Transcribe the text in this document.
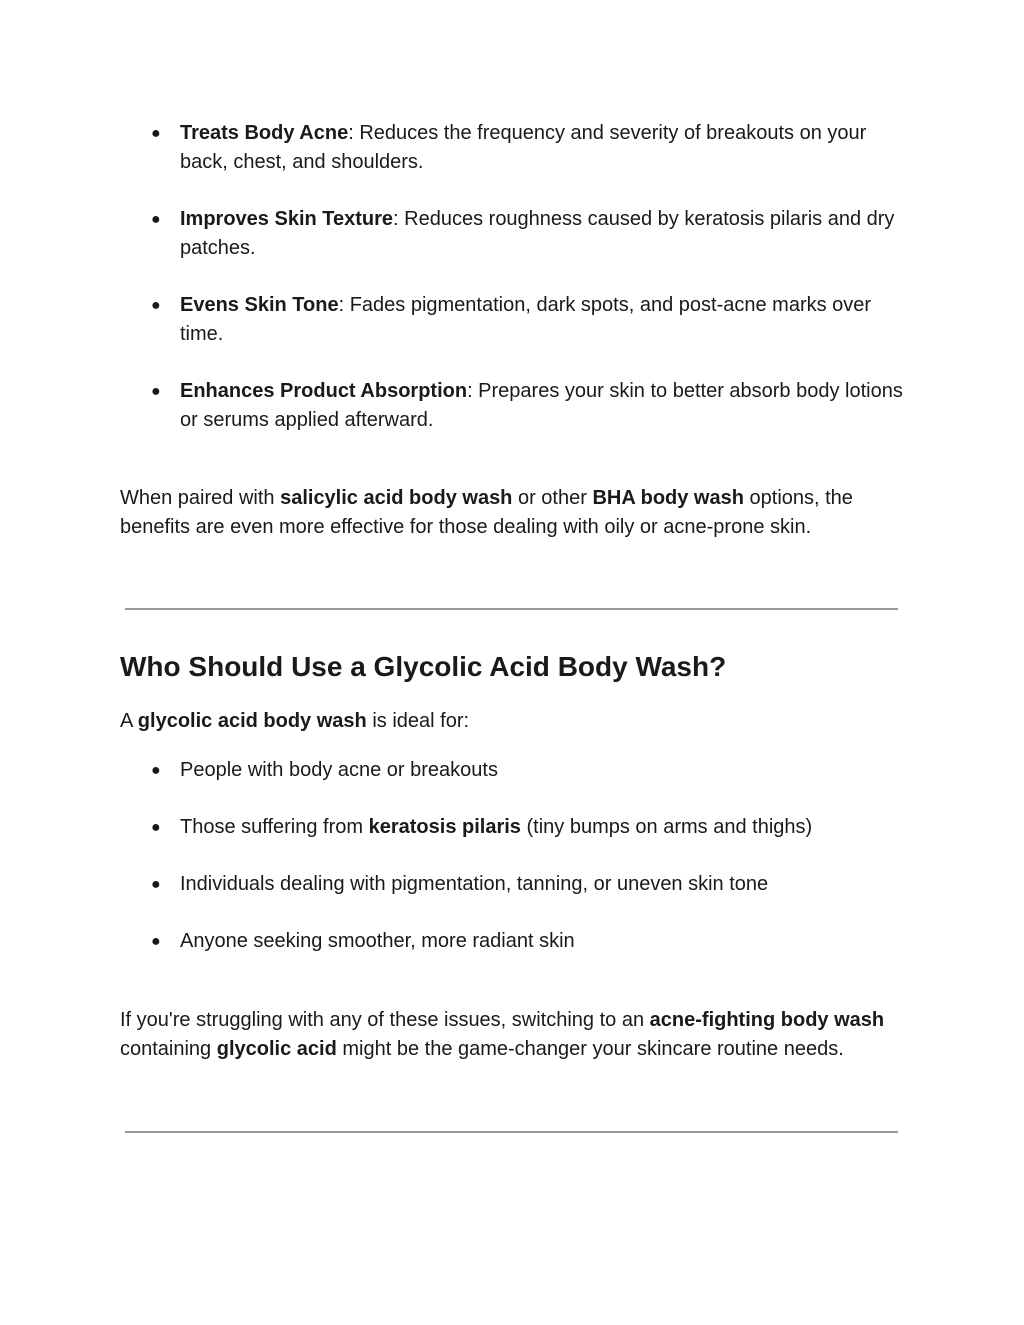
● Treats Body Acne: Reduces the frequency and severity of breakouts on your back, chest, and shoulders.
● Improves Skin Texture: Reduces roughness caused by keratosis pilaris and dry patches.
● Evens Skin Tone: Fades pigmentation, dark spots, and post-acne marks over time.
● Enhances Product Absorption: Prepares your skin to better absorb body lotions or serums applied afterward.

When paired with salicylic acid body wash or other BHA body wash options, the benefits are even more effective for those dealing with oily or acne-prone skin.

Who Should Use a Glycolic Acid Body Wash?

A glycolic acid body wash is ideal for:

● People with body acne or breakouts
● Those suffering from keratosis pilaris (tiny bumps on arms and thighs)
● Individuals dealing with pigmentation, tanning, or uneven skin tone
● Anyone seeking smoother, more radiant skin

If you're struggling with any of these issues, switching to an acne-fighting body wash containing glycolic acid might be the game-changer your skincare routine needs.
